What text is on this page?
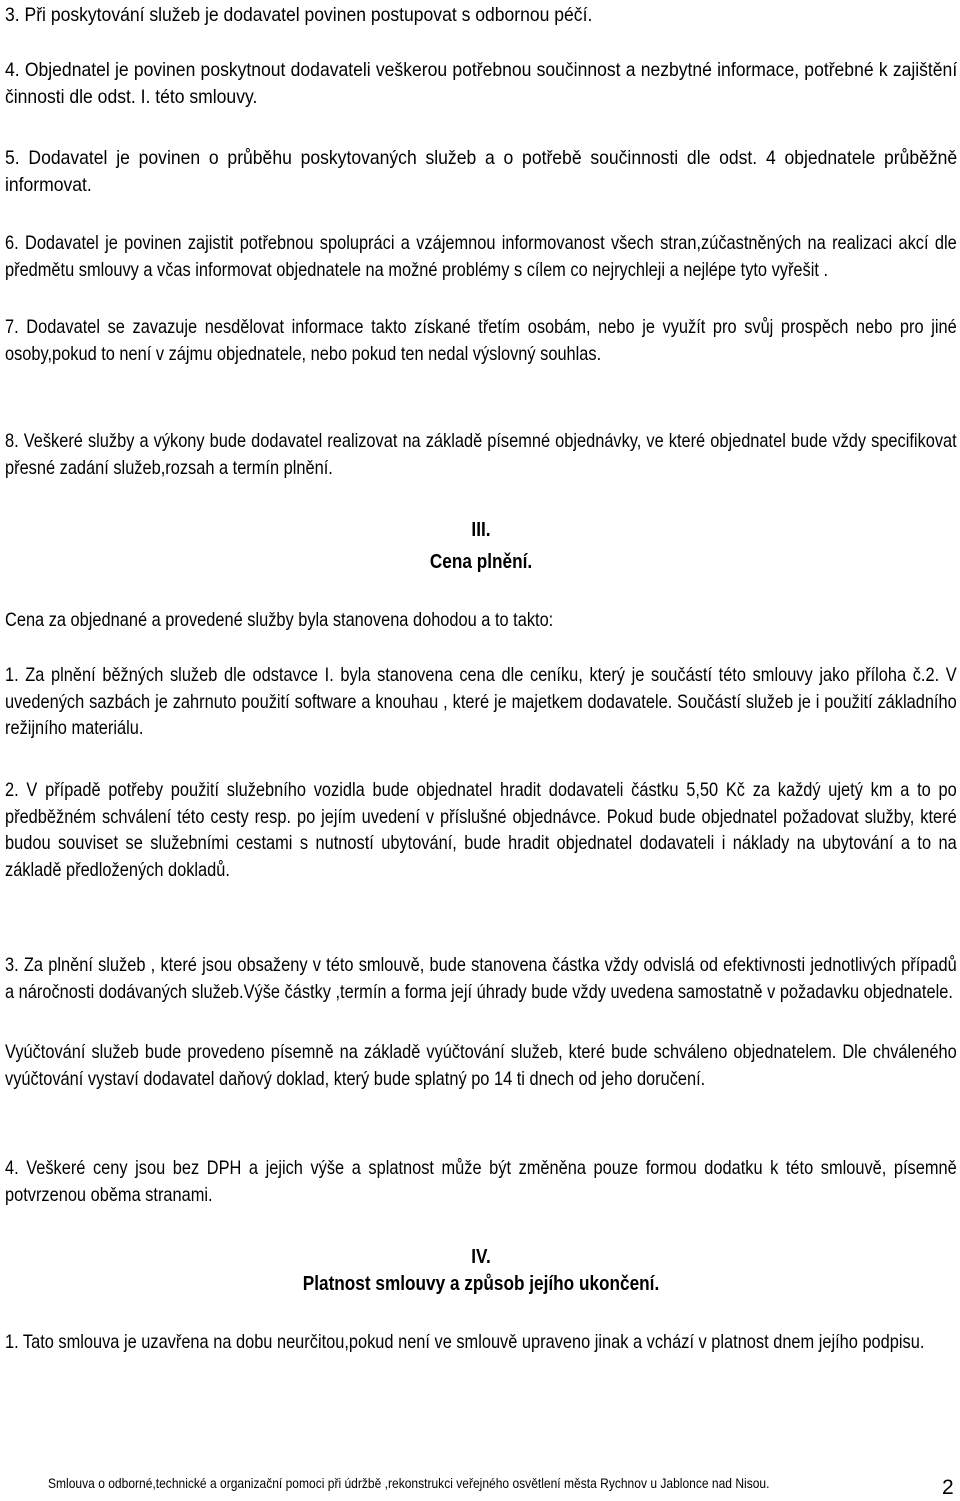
3. Při poskytování služeb je dodavatel povinen postupovat s odbornou péčí.

4. Objednatel je povinen poskytnout dodavateli veškerou potřebnou součinnost a nezbytné informace, potřebné k zajištění činnosti dle odst. I. této smlouvy.

5. Dodavatel je povinen o průběhu poskytovaných služeb a o potřebě součinnosti dle odst. 4 objednatele průběžně informovat.

6. Dodavatel je povinen zajistit potřebnou spolupráci a vzájemnou informovanost všech stran,zúčastněných na realizaci akcí dle předmětu smlouvy a včas informovat objednatele na možné problémy s cílem co nejrychleji a nejlépe tyto vyřešit .

7. Dodavatel se zavazuje nesdělovat informace takto získané třetím osobám, nebo je využít pro svůj prospěch nebo pro jiné osoby,pokud to není v zájmu objednatele, nebo pokud ten nedal výslovný souhlas.

8. Veškeré služby a výkony bude dodavatel realizovat na základě písemné objednávky, ve které objednatel bude vždy specifikovat přesné zadání služeb,rozsah a termín plnění.

III.
Cena plnění.

Cena za objednané a provedené služby byla stanovena dohodou a to takto:

1. Za plnění běžných služeb dle odstavce I. byla stanovena cena dle ceníku, který je součástí této smlouvy jako příloha č.2. V uvedených sazbách je zahrnuto použití software a knouhau , které je majetkem dodavatele. Součástí služeb je i použití základního režijního materiálu.

2. V případě potřeby použití služebního vozidla bude objednatel hradit dodavateli částku 5,50 Kč za každý ujetý km a to po předběžném schválení této cesty resp. po jejím uvedení v příslušné objednávce. Pokud bude objednatel požadovat služby, které budou souviset se služebními cestami s nutností ubytování, bude hradit objednatel dodavateli i náklady na ubytování a to na základě předložených dokladů.

3. Za plnění služeb , které jsou obsaženy v této smlouvě, bude stanovena částka vždy odvislá od efektivnosti jednotlivých případů a náročnosti dodávaných služeb.Výše částky ,termín a forma její úhrady bude vždy uvedena samostatně v požadavku objednatele.

Vyúčtování služeb bude provedeno písemně na základě vyúčtování služeb, které bude schváleno objednatelem. Dle chváleného vyúčtování vystaví dodavatel daňový doklad, který bude splatný po 14 ti dnech od jeho doručení.

4. Veškeré ceny jsou bez DPH a jejich výše a splatnost může být změněna pouze formou dodatku k této smlouvě, písemně potvrzenou oběma stranami.

IV.
Platnost smlouvy a způsob jejího ukončení.

1. Tato smlouva je uzavřena na dobu neurčitou,pokud není ve smlouvě upraveno jinak a vchází v platnost dnem jejího podpisu.

Smlouva o odborné,technické a organizační pomoci při údržbě ,rekonstrukci veřejného osvětlení města Rychnov u Jablonce nad Nisou.	2
